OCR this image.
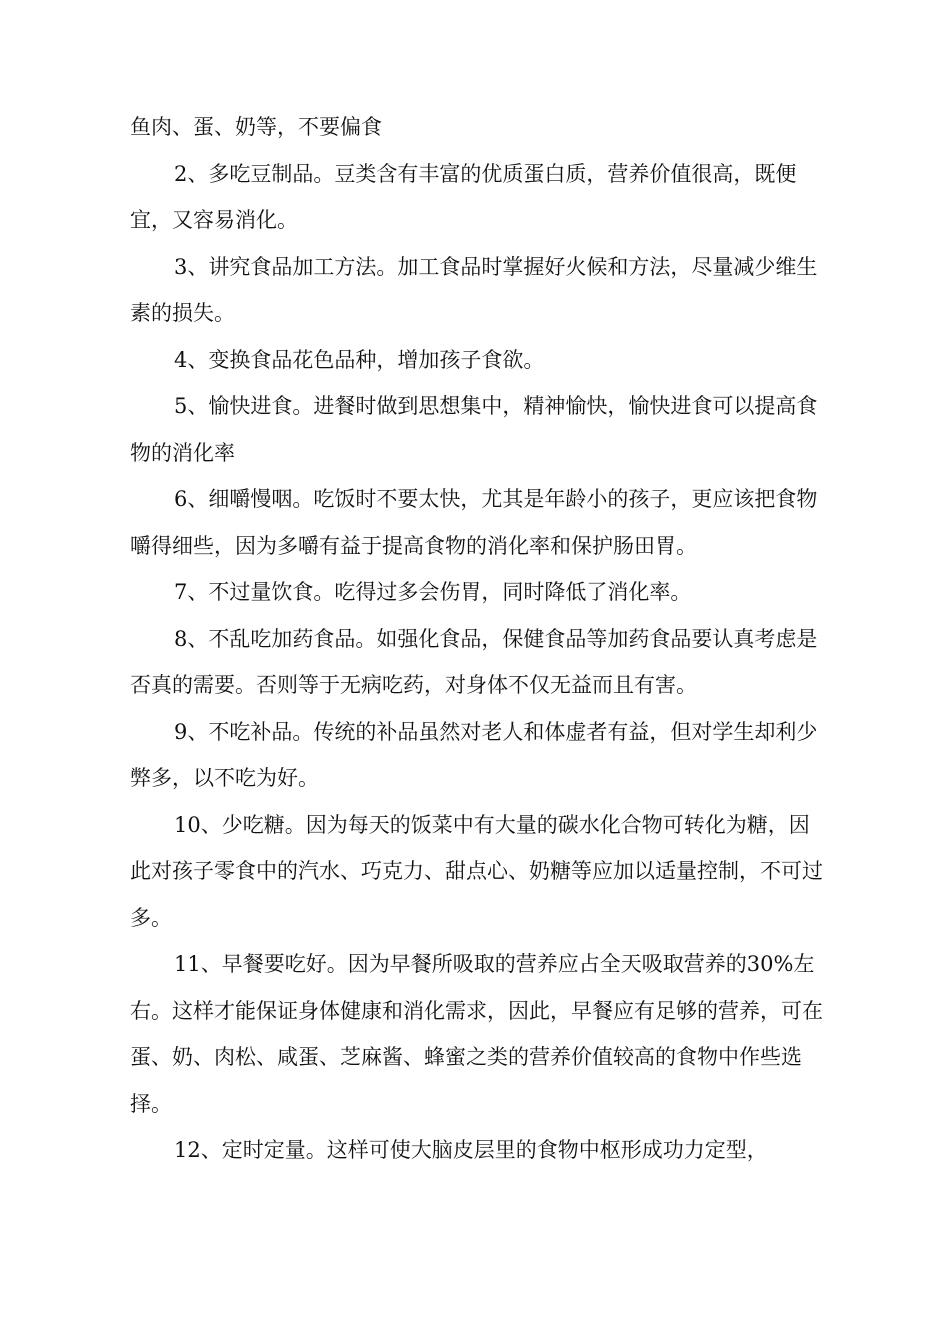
鱼肉、蛋、奶等，不要偏食

2、多吃豆制品。豆类含有丰富的优质蛋白质，营养价值很高，既便宜，又容易消化。

3、讲究食品加工方法。加工食品时掌握好火候和方法，尽量减少维生素的损失。

4、变换食品花色品种，增加孩子食欲。

5、愉快进食。进餐时做到思想集中，精神愉快，愉快进食可以提高食物的消化率

6、细嚼慢咽。吃饭时不要太快，尤其是年龄小的孩子，更应该把食物嚼得细些，因为多嚼有益于提高食物的消化率和保护肠田胃。

7、不过量饮食。吃得过多会伤胃，同时降低了消化率。

8、不乱吃加药食品。如强化食品，保健食品等加药食品要认真考虑是否真的需要。否则等于无病吃药，对身体不仅无益而且有害。

9、不吃补品。传统的补品虽然对老人和体虚者有益，但对学生却利少弊多，以不吃为好。

10、少吃糖。因为每天的饭菜中有大量的碳水化合物可转化为糖，因此对孩子零食中的汽水、巧克力、甜点心、奶糖等应加以适量控制，不可过多。

11、早餐要吃好。因为早餐所吸取的营养应占全天吸取营养的30%左右。这样才能保证身体健康和消化需求，因此，早餐应有足够的营养，可在蛋、奶、肉松、咸蛋、芝麻酱、蜂蜜之类的营养价值较高的食物中作些选择。

12、定时定量。这样可使大脑皮层里的食物中枢形成功力定型，
